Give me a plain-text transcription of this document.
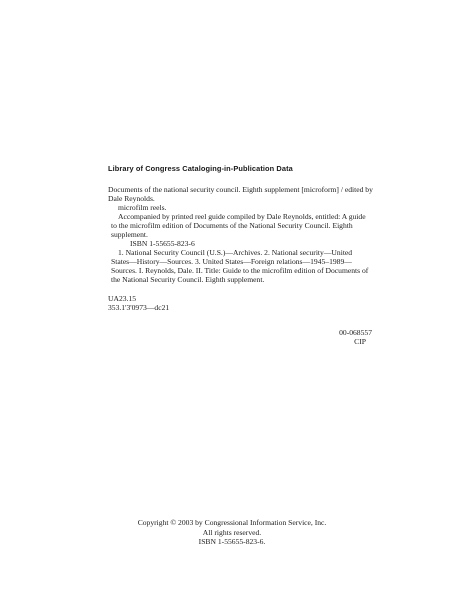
Library of Congress Cataloging-in-Publication Data
Documents of the national security council. Eighth supplement [microform] / edited by
Dale Reynolds.
microfilm reels.
Accompanied by printed reel guide compiled by Dale Reynolds, entitled: A guide
to the microfilm edition of Documents of the National Security Council. Eighth
supplement.
ISBN 1-55655-823-6
1. National Security Council (U.S.)—Archives. 2. National security—United
States—History—Sources. 3. United States—Foreign relations—1945–1989—
Sources. I. Reynolds, Dale. II. Title: Guide to the microfilm edition of Documents of
the National Security Council. Eighth supplement.
UA23.15
353.1'3'0973—dc21
00-068557
CIP
Copyright © 2003 by Congressional Information Service, Inc.
All rights reserved.
ISBN 1-55655-823-6.
